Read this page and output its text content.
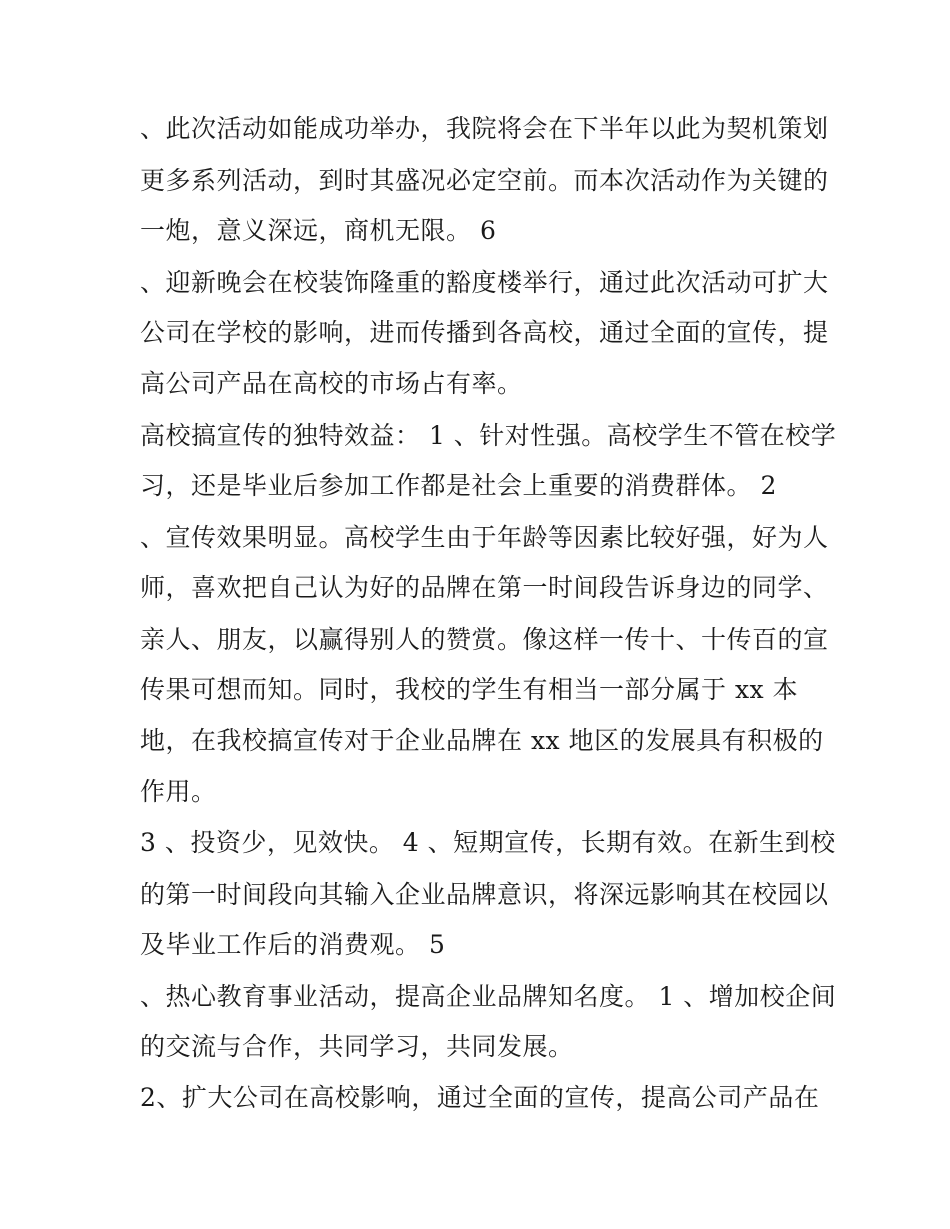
、此次活动如能成功举办，我院将会在下半年以此为契机策划
更多系列活动，到时其盛况必定空前。而本次活动作为关键的
一炮，意义深远，商机无限。 6
、迎新晚会在校装饰隆重的豁度楼举行，通过此次活动可扩大
公司在学校的影响，进而传播到各高校，通过全面的宣传，提
高公司产品在高校的市场占有率。
高校搞宣传的独特效益： 1 、针对性强。高校学生不管在校学
习，还是毕业后参加工作都是社会上重要的消费群体。 2
、宣传效果明显。高校学生由于年龄等因素比较好强，好为人
师，喜欢把自己认为好的品牌在第一时间段告诉身边的同学、
亲人、朋友，以赢得别人的赞赏。像这样一传十、十传百的宣
传果可想而知。同时，我校的学生有相当一部分属于 xx 本
地，在我校搞宣传对于企业品牌在 xx 地区的发展具有积极的
作用。
3 、投资少，见效快。 4 、短期宣传，长期有效。在新生到校
的第一时间段向其输入企业品牌意识，将深远影响其在校园以
及毕业工作后的消费观。 5
、热心教育事业活动，提高企业品牌知名度。 1 、增加校企间
的交流与合作，共同学习，共同发展。
2、扩大公司在高校影响，通过全面的宣传，提高公司产品在
